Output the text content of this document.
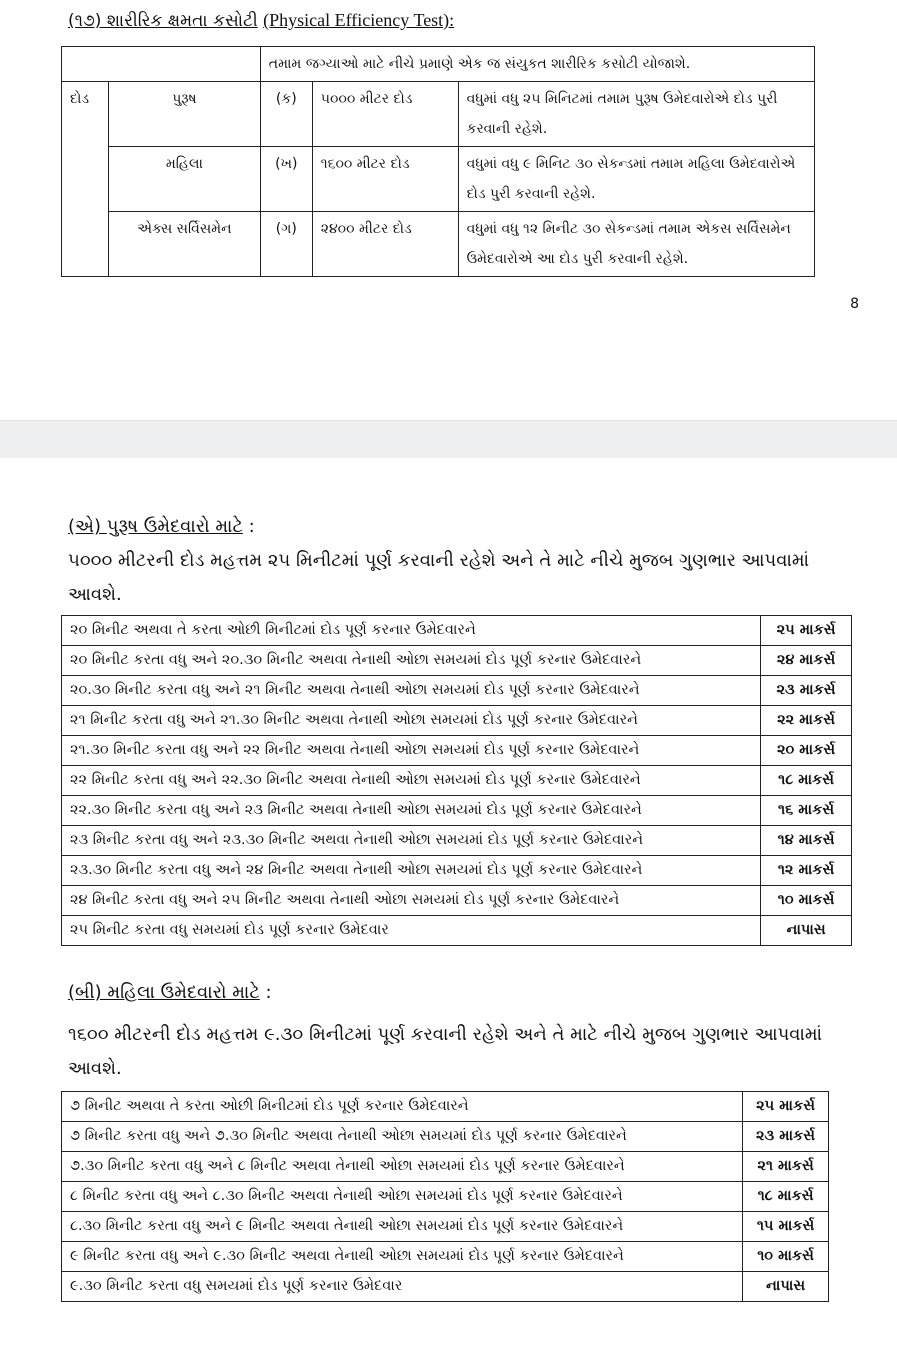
(૧૭) શારીરિક ક્ષમતા કસોટી (Physical Efficiency Test):
		તમામ જગ્યાઓ માટે નીચે પ્રમાણે એક જ સંયુકત શારીરિક કસોટી યોજાશે.		
દોડ	પુરૂષ	(ક)	૫૦૦૦ મીટર દોડ	વધુમાં વધુ ૨૫ મિનિટમાં તમામ પુરૂષ ઉમેદવારોએ દોડ પુરી કરવાની રહેશે.
	મહિલા	(ખ)	૧૬૦૦ મીટર દોડ	વધુમાં વધુ ૯ મિનિટ ૩૦ સેકન્ડમાં તમામ મહિલા ઉમેદવારોએ દોડ પુરી કરવાની રહેશે.
	એક્સ સર્વિસમેન	(ગ)	૨૪૦૦ મીટર દોડ	વધુમાં વધુ ૧૨ મિનીટ ૩૦ સેકન્ડમાં તમામ એકસ સર્વિસમેન ઉમેદવારોએ આ દોડ પુરી કરવાની રહેશે.
8
(એ) પુરૂષ ઉમેદવારો માટે :
૫૦૦૦ મીટરની દોડ મહત્તમ ૨૫ મિનીટમાં પૂર્ણ કરવાની રહેશે અને તે માટે નીચે મુજબ ગુણભાર આપવામાં આવશે.
૨૦ મિનીટ અથવા તે કરતા ઓછી મિનીટમાં દોડ પૂર્ણ કરનાર ઉમેદવારને	૨૫ માકર્સ
૨૦ મિનીટ કરતા વધુ અને ૨૦.૩૦ મિનીટ અથવા તેનાથી ઓછા સમયમાં દોડ પૂર્ણ કરનાર ઉમેદવારને	૨૪ માકર્સ
૨૦.૩૦ મિનીટ કરતા વધુ અને ૨૧ મિનીટ અથવા તેનાથી ઓછા સમયમાં દોડ પૂર્ણ કરનાર ઉમેદવારને	૨૩ માકર્સ
૨૧ મિનીટ કરતા વધુ અને ૨૧.૩૦ મિનીટ અથવા તેનાથી ઓછા સમયમાં દોડ પૂર્ણ કરનાર ઉમેદવારને	૨૨ માકર્સ
૨૧.૩૦ મિનીટ કરતા વધુ અને ૨૨ મિનીટ અથવા તેનાથી ઓછા સમયમાં દોડ પૂર્ણ કરનાર ઉમેદવારને	૨૦ માકર્સ
૨૨ મિનીટ કરતા વધુ અને ૨૨.૩૦ મિનીટ અથવા તેનાથી ઓછા સમયમાં દોડ પૂર્ણ કરનાર ઉમેદવારને	૧૮ માકર્સ
૨૨.૩૦ મિનીટ કરતા વધુ અને ૨૩ મિનીટ અથવા તેનાથી ઓછા સમયમાં દોડ પૂર્ણ કરનાર ઉમેદવારને	૧૬ માકર્સ
૨૩ મિનીટ કરતા વધુ અને ૨૩.૩૦ મિનીટ અથવા તેનાથી ઓછા સમયમાં દોડ પૂર્ણ કરનાર ઉમેદવારને	૧૪ માકર્સ
૨૩.૩૦ મિનીટ કરતા વધુ અને ૨૪ મિનીટ અથવા તેનાથી ઓછા સમયમાં દોડ પૂર્ણ કરનાર ઉમેદવારને	૧૨ માકર્સ
૨૪ મિનીટ કરતા વધુ અને ૨૫ મિનીટ અથવા તેનાથી ઓછા સમયમાં દોડ પૂર્ણ કરનાર ઉમેદવારને	૧૦ માકર્સ
૨૫ મિનીટ કરતા વધુ સમયમાં દોડ પૂર્ણ કરનાર ઉમેદવાર	નાપાસ
(બી) મહિલા ઉમેદવારો માટે :
૧૬૦૦ મીટરની દોડ મહત્તમ ૯.૩૦ મિનીટમાં પૂર્ણ કરવાની રહેશે અને તે માટે નીચે મુજબ ગુણભાર આપવામાં આવશે.
૭ મિનીટ અથવા તે કરતા ઓછી મિનીટમાં દોડ પૂર્ણ કરનાર ઉમેદવારને	૨૫ માકર્સ
૭ મિનીટ કરતા વધુ અને ૭.૩૦ મિનીટ અથવા તેનાથી ઓછા સમયમાં દોડ પૂર્ણ કરનાર ઉમેદવારને	૨૩ માકર્સ
૭.૩૦ મિનીટ કરતા વધુ અને ૮ મિનીટ અથવા તેનાથી ઓછા સમયમાં દોડ પૂર્ણ કરનાર ઉમેદવારને	૨૧ માકર્સ
૮ મિનીટ કરતા વધુ અને ૮.૩૦ મિનીટ અથવા તેનાથી ઓછા સમયમાં દોડ પૂર્ણ કરનાર ઉમેદવારને	૧૮ માકર્સ
૮.૩૦ મિનીટ કરતા વધુ અને ૯ મિનીટ અથવા તેનાથી ઓછા સમયમાં દોડ પૂર્ણ કરનાર ઉમેદવારને	૧૫ માકર્સ
૯ મિનીટ કરતા વધુ અને ૯.૩૦ મિનીટ અથવા તેનાથી ઓછા સમયમાં દોડ પૂર્ણ કરનાર ઉમેદવારને	૧૦ માકર્સ
૯.૩૦ મિનીટ કરતા વધુ સમયમાં દોડ પૂર્ણ કરનાર ઉમેદવાર	નાપાસ
